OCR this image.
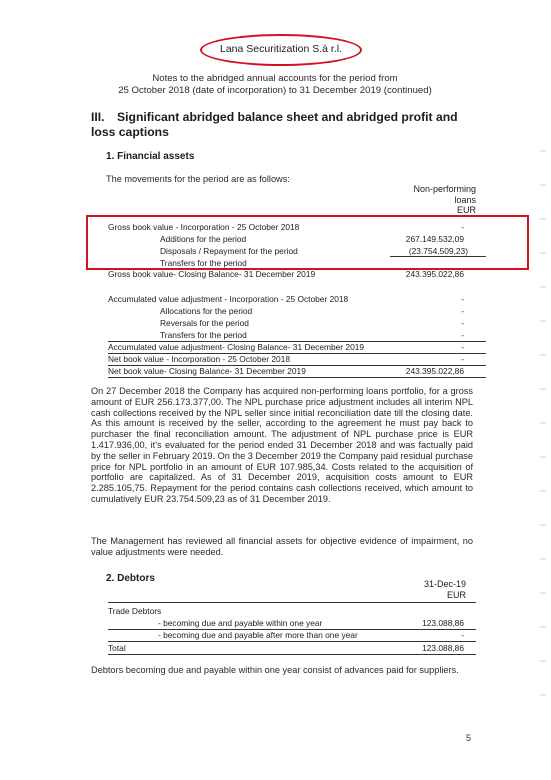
Lana Securitization S.à r.l.
Notes to the abridged annual accounts for the period from
25 October 2018 (date of incorporation) to 31 December 2019 (continued)
III. Significant abridged balance sheet and abridged profit and
loss captions
1. Financial assets
The movements for the period are as follows:
Non-performing
loans
EUR
Gross book value - Incorporation - 25 October 2018	-
Additions for the period	267.149.532,09
Disposals / Repayment for the period	(23.754.509,23)
Transfers for the period
Gross book value- Closing Balance- 31 December 2019	243.395.022,86
Accumulated value adjustment - Incorporation - 25 October 2018	-
Allocations for the period	-
Reversals for the period	-
Transfers for the period	-
Accumulated value adjustment- Closing Balance- 31 December 2019	-
Net book value - Incorporation - 25 October 2018	-
Net book value- Closing Balance- 31 December 2019	243.395.022,86
On 27 December 2018 the Company has acquired non-performing loans portfolio, for a gross amount of EUR 256.173.377,00. The NPL purchase price adjustment includes all interim NPL cash collections received by the NPL seller since initial reconciliation date till the closing date. As this amount is received by the seller, according to the agreement he must pay back to purchaser the final reconciliation amount. The adjustment of NPL purchase price is EUR 1.417.936,00, it's evaluated for the period ended 31 December 2018 and was factually paid by the seller in February 2019. On the 3 December 2019 the Company paid residual purchase price for NPL portfolio in an amount of EUR 107.985,34. Costs related to the acquisition of portfolio are capitalized. As of 31 December 2019, acquisition costs amount to EUR 2.285.105,75. Repayment for the period contains cash collections received, which amount to cumulatively EUR 23.754.509,23 as of 31 December 2019.
The Management has reviewed all financial assets for objective evidence of impairment, no value adjustments were needed.
2. Debtors	31-Dec-19
EUR
Trade Debtors
- becoming due and payable within one year	123.088,86
- becoming due and payable after more than one year	-
Total	123.088,86
Debtors becoming due and payable within one year consist of advances paid for suppliers.
5
